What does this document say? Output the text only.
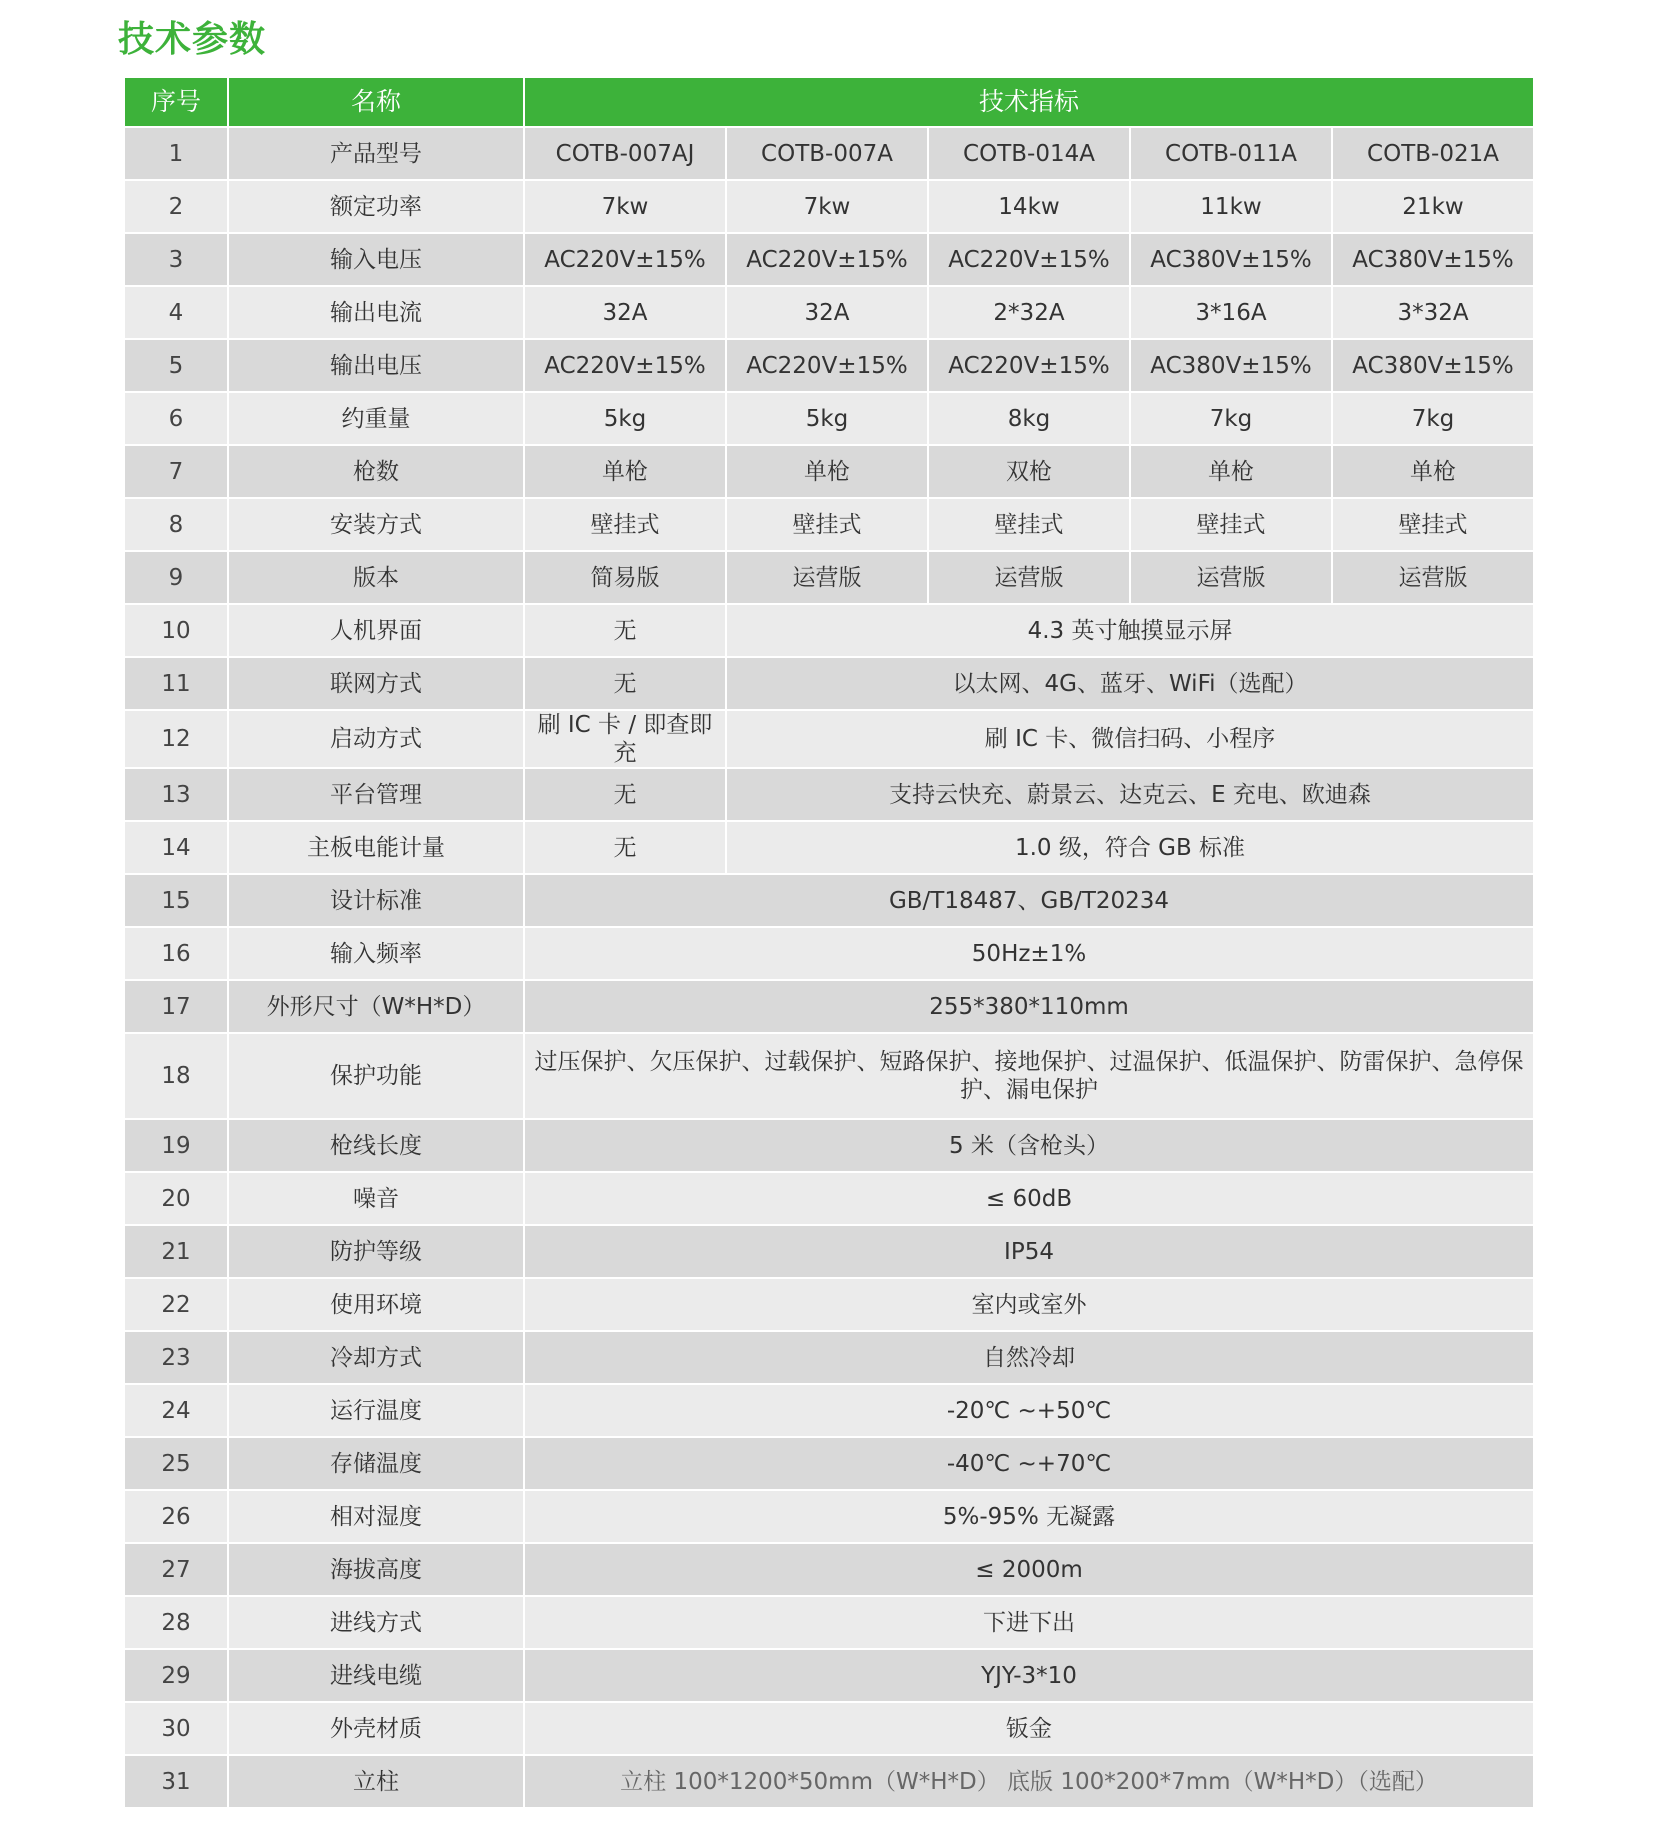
技术参数
序号	名称	技术指标				
1	产品型号	COTB-007AJ	COTB-007A	COTB-014A	COTB-011A	COTB-021A
2	额定功率	7kw	7kw	14kw	11kw	21kw
3	输入电压	AC220V±15%	AC220V±15%	AC220V±15%	AC380V±15%	AC380V±15%
4	输出电流	32A	32A	2*32A	3*16A	3*32A
5	输出电压	AC220V±15%	AC220V±15%	AC220V±15%	AC380V±15%	AC380V±15%
6	约重量	5kg	5kg	8kg	7kg	7kg
7	枪数	单枪	单枪	双枪	单枪	单枪
8	安装方式	壁挂式	壁挂式	壁挂式	壁挂式	壁挂式
9	版本	简易版	运营版	运营版	运营版	运营版
10	人机界面	无	4.3 英寸触摸显示屏			
11	联网方式	无	以太网、4G、蓝牙、WiFi（选配）			
12	启动方式	刷 IC 卡 / 即查即充	刷 IC 卡、微信扫码、小程序			
13	平台管理	无	支持云快充、蔚景云、达克云、E 充电、欧迪森			
14	主板电能计量	无	1.0 级，符合 GB 标准			
15	设计标准	GB/T18487、GB/T20234				
16	输入频率	50Hz±1%				
17	外形尺寸（W*H*D）	255*380*110mm				
18	保护功能	过压保护、欠压保护、过载保护、短路保护、接地保护、过温保护、低温保护、防雷保护、急停保护、漏电保护				
19	枪线长度	5 米（含枪头）				
20	噪音	≤ 60dB				
21	防护等级	IP54				
22	使用环境	室内或室外				
23	冷却方式	自然冷却				
24	运行温度	-20℃ ~+50℃				
25	存储温度	-40℃ ~+70℃				
26	相对湿度	5%-95% 无凝露				
27	海拔高度	≤ 2000m				
28	进线方式	下进下出				
29	进线电缆	YJY-3*10				
30	外壳材质	钣金				
31	立柱	立柱 100*1200*50mm（W*H*D） 底版 100*200*7mm（W*H*D）（选配）				
